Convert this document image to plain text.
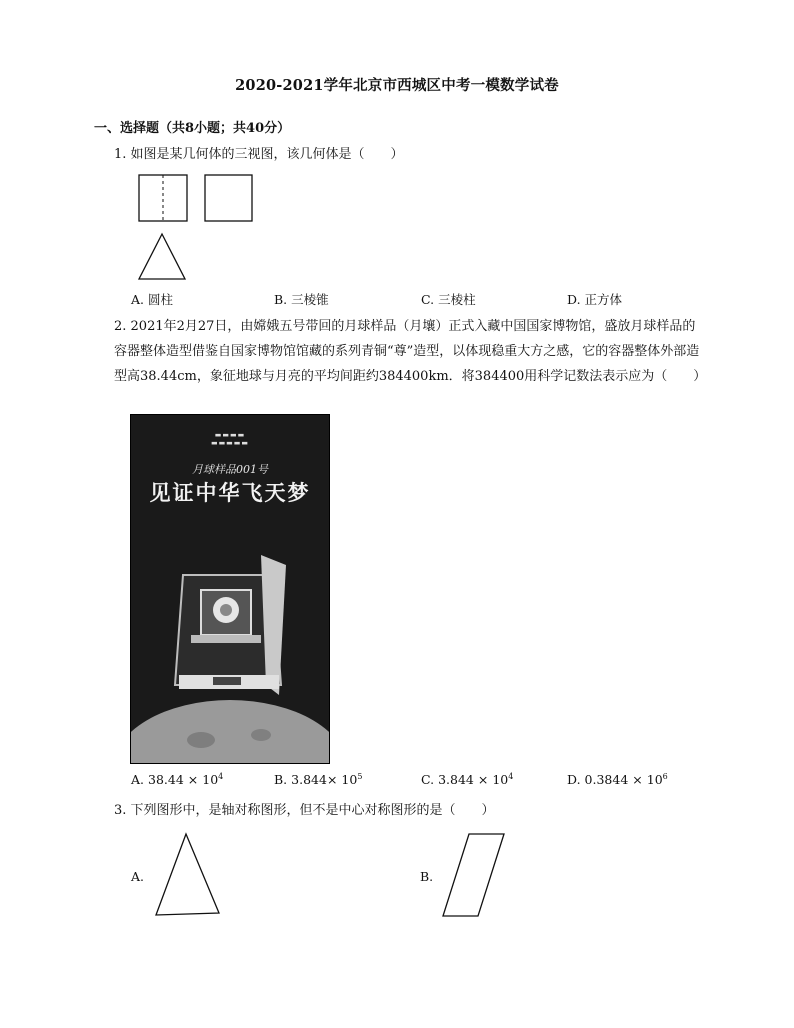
2020-2021学年北京市西城区中考一模数学试卷
一、选择题（共8小题；共40分）
1. 如图是某几何体的三视图，该几何体是（　　）
A. 圆柱	B. 三棱锥	C. 三棱柱	D. 正方体
2. 2021年2月27日，由嫦娥五号带回的月球样品（月壤）正式入藏中国国家博物馆，盛放月球样品的容器整体造型借鉴自国家博物馆馆藏的系列青铜“尊”造型，以体现稳重大方之感，它的容器整体外部造型高38.44cm，象征地球与月亮的平均间距约384400km．将384400用科学记数法表示应为（　　）
▬▬▬▬
▬▬▬▬▬
月球样品001号
见证中华飞天梦
A. $38.44 \times 10^4$	B. $3.844\times 10^5$	C. $3.844 \times 10^4$	D. $0.3844 \times 10^6$
3. 下列图形中，是轴对称图形，但不是中心对称图形的是（　　）
A.	B.
